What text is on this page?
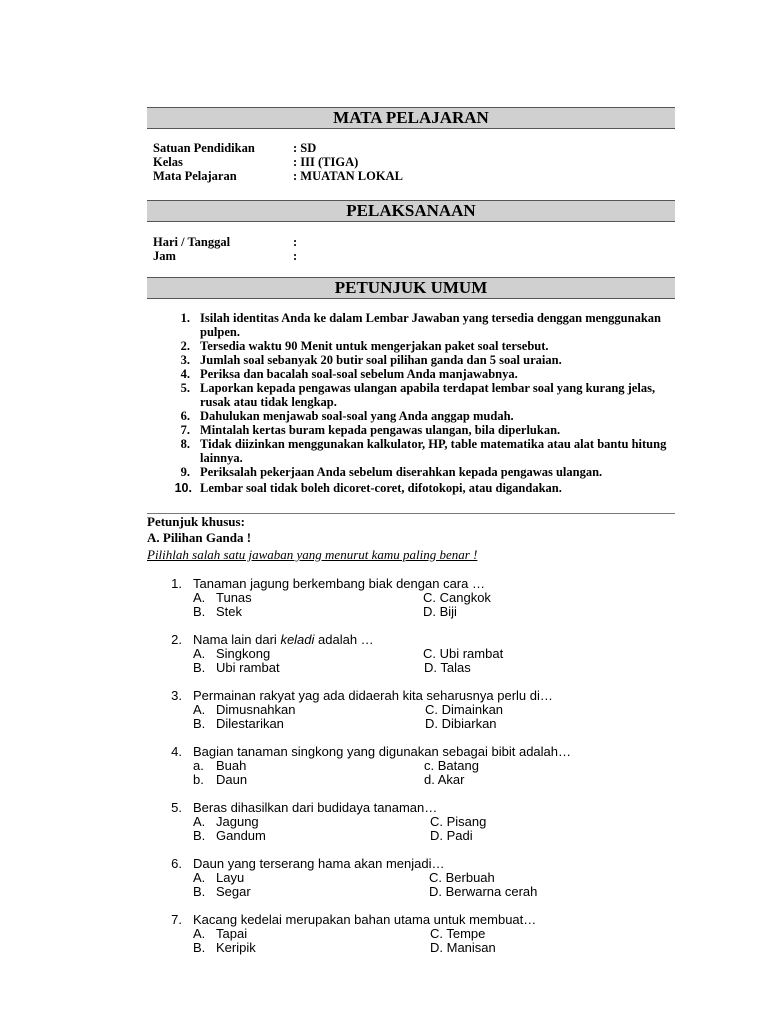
MATA PELAJARAN
Satuan Pendidikan	: SD
Kelas	: III (TIGA)
Mata Pelajaran	: MUATAN LOKAL
PELAKSANAAN
Hari / Tanggal	:
Jam	:
PETUNJUK UMUM
1. Isilah identitas Anda ke dalam Lembar Jawaban yang tersedia denggan menggunakan pulpen.
2. Tersedia waktu 90 Menit untuk mengerjakan paket soal tersebut.
3. Jumlah soal sebanyak 20 butir soal pilihan ganda dan 5 soal uraian.
4. Periksa dan bacalah soal-soal sebelum Anda manjawabnya.
5. Laporkan kepada pengawas ulangan apabila terdapat lembar soal yang kurang jelas, rusak atau tidak lengkap.
6. Dahulukan menjawab soal-soal yang Anda anggap mudah.
7. Mintalah kertas buram kepada pengawas ulangan, bila diperlukan.
8. Tidak diizinkan menggunakan kalkulator, HP, table matematika atau alat bantu hitung lainnya.
9. Periksalah pekerjaan Anda sebelum diserahkan kepada pengawas ulangan.
10. Lembar soal tidak boleh dicoret-coret, difotokopi, atau digandakan.
Petunjuk khusus:
A. Pilihan Ganda !
Pilihlah salah satu jawaban yang menurut kamu paling benar !
1. Tanaman jagung berkembang biak dengan cara …
A. Tunas
B. Stek
C. Cangkok
D. Biji
2. Nama lain dari keladi adalah …
A. Singkong
B. Ubi rambat
C. Ubi rambat
D. Talas
3. Permainan rakyat yag ada didaerah kita seharusnya perlu di…
A. Dimusnahkan
B. Dilestarikan
C. Dimainkan
D. Dibiarkan
4. Bagian tanaman singkong yang digunakan sebagai bibit adalah…
a. Buah
b. Daun
c. Batang
d. Akar
5. Beras dihasilkan dari budidaya tanaman…
A. Jagung
B. Gandum
C. Pisang
D. Padi
6. Daun yang terserang hama akan menjadi…
A. Layu
B. Segar
C. Berbuah
D. Berwarna cerah
7. Kacang kedelai merupakan bahan utama untuk membuat…
A. Tapai
B. Keripik
C. Tempe
D. Manisan
